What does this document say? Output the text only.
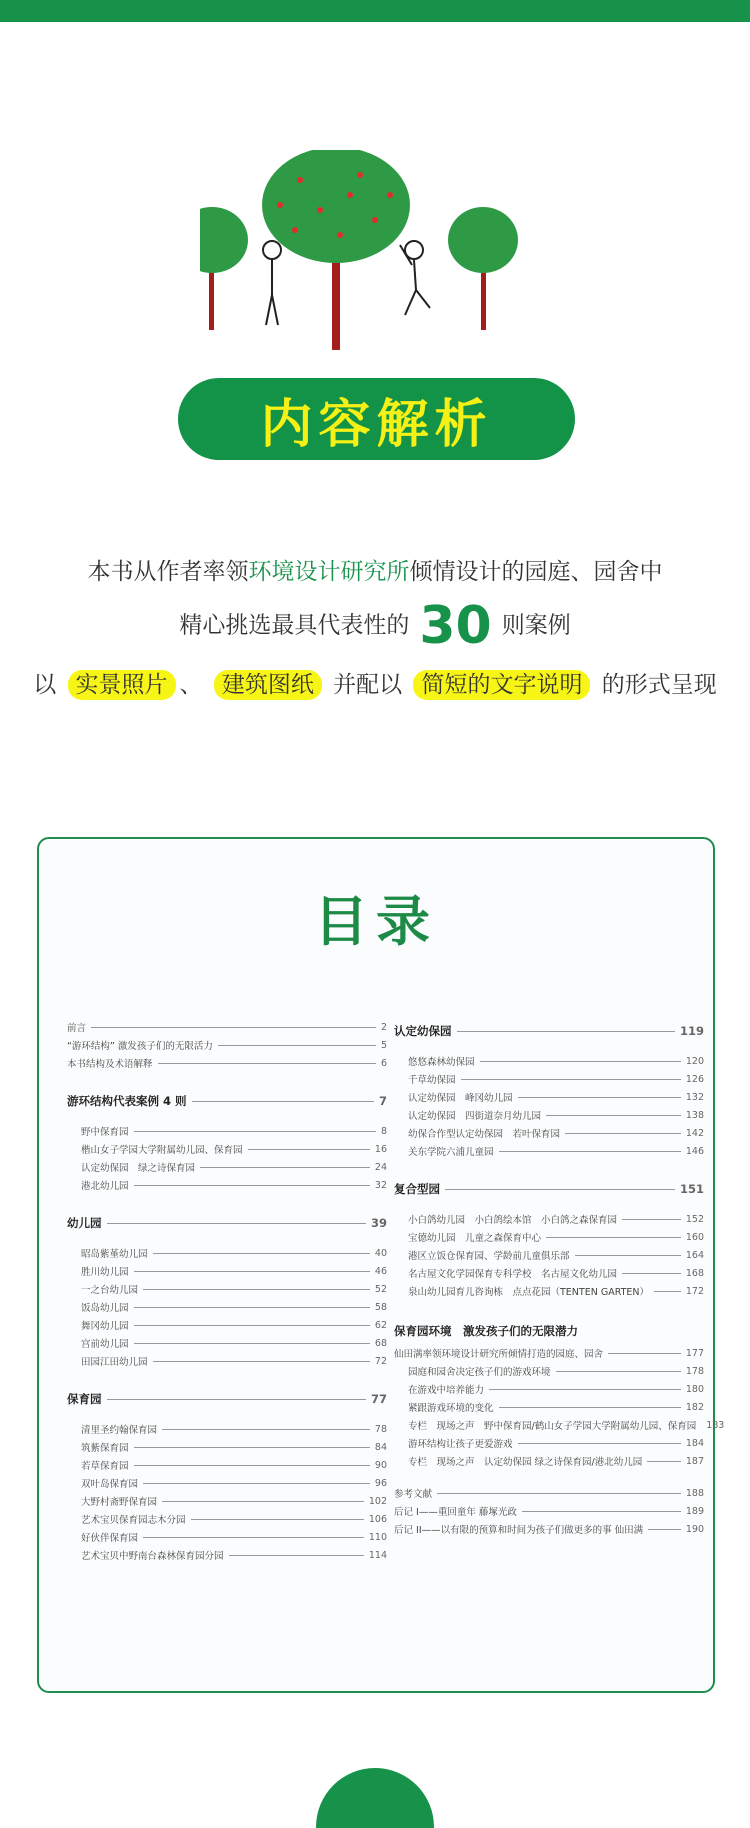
内容解析
本书从作者率领环境设计研究所倾情设计的园庭、园舍中
精心挑选最具代表性的 30 则案例
以 实景照片 、 建筑图纸 并配以 简短的文字说明 的形式呈现
目录
前言	2
“游环结构” 激发孩子们的无限活力	5
本书结构及术语解释	6
游环结构代表案例 4 则	7
野中保育园	8
楷山女子学园大学附属幼儿园、保育园	16
认定幼保园　绿之诗保育园	24
港北幼儿园	32
幼儿园	39
昭岛紫堇幼儿园	40
胜川幼儿园	46
一之台幼儿园	52
饭岛幼儿园	58
舞冈幼儿园	62
宫前幼儿园	68
田园江田幼儿园	72
保育园	77
清里圣约翰保育园	78
筑紫保育园	84
若草保育园	90
双叶岛保育园	96
大野村斋野保育园	102
艺术宝贝保育园志木分园	106
好伙伴保育园	110
艺术宝贝中野南台森林保育园分园	114
认定幼保园	119
悠悠森林幼保园	120
千草幼保园	126
认定幼保园　峰冈幼儿园	132
认定幼保园　四街道奈月幼儿园	138
幼保合作型认定幼保园　若叶保育园	142
关东学院六浦儿童园	146
复合型园	151
小白鸽幼儿园　小白鸽绘本馆　小白鸽之森保育园	152
宝德幼儿园　儿童之森保育中心	160
港区立饭仓保育园、学龄前儿童俱乐部	164
名古屋文化学园保育专科学校　名古屋文化幼儿园	168
泉山幼儿园育儿咨询栋　点点花园（TENTEN GARTEN）	172
保育园环境　激发孩子们的无限潜力
仙田满率领环境设计研究所倾情打造的园庭、园舍	177
园庭和园舍决定孩子们的游戏环境	178
在游戏中培养能力	180
紧跟游戏环境的变化	182
专栏　现场之声　野中保育园/鹤山女子学园大学附属幼儿园、保育园 183
游环结构让孩子更爱游戏	184
专栏　现场之声　认定幼保园 绿之诗保育园/港北幼儿园	187
参考文献	188
后记 I——重回童年 藤塚光政	189
后记 II——以有限的预算和时间为孩子们做更多的事 仙田满	190
